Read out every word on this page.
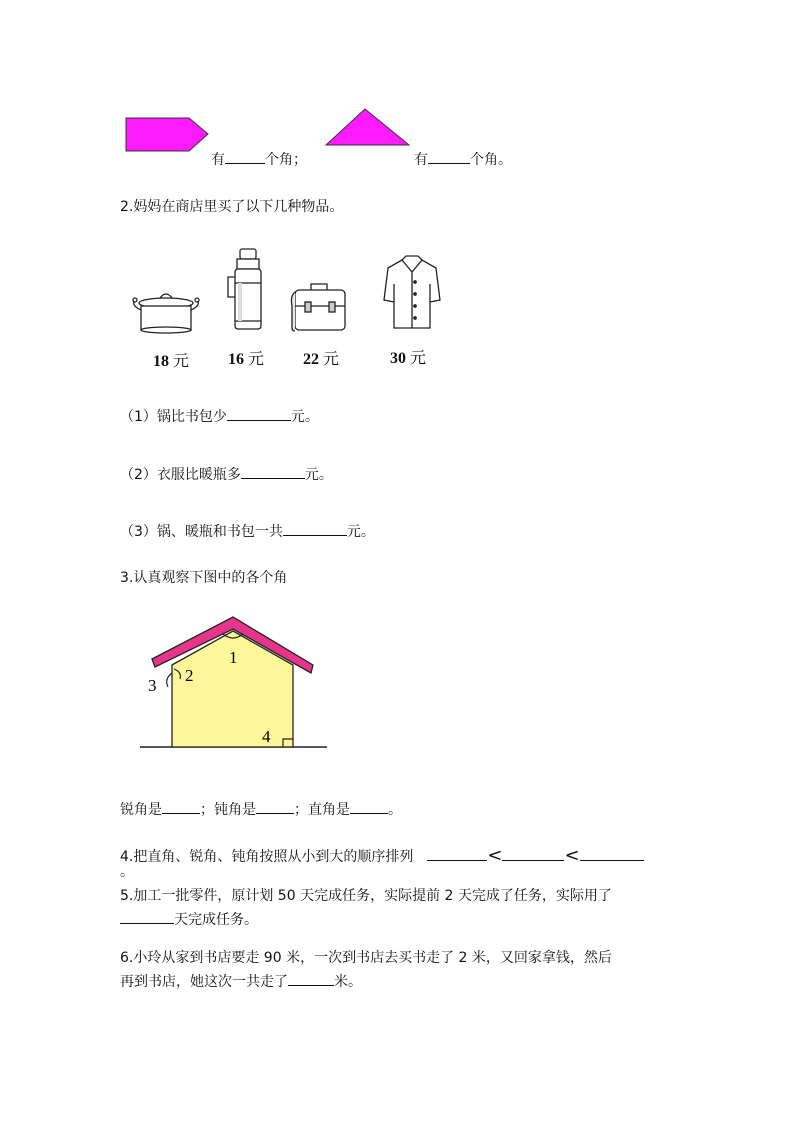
有	个角；	有	个角。
2.妈妈在商店里买了以下几种物品。
18 元 16 元 22 元	30 元
（1）锅比书包少	元。
（2）衣服比暖瓶多	元。
（3）锅、暖瓶和书包一共	元。
3.认真观察下图中的各个角
1
2
3
4
锐角是	；钝角是	；直角是	。
4.把直角、锐角、钝角按照从小到大的顺序排列	<	<
。
5.加工一批零件，原计划 50 天完成任务，实际提前 2 天完成了任务，实际用了
天完成任务。
6.小玲从家到书店要走 90 米，一次到书店去买书走了 2 米，又回家拿钱，然后
再到书店，她这次一共走了	米。
